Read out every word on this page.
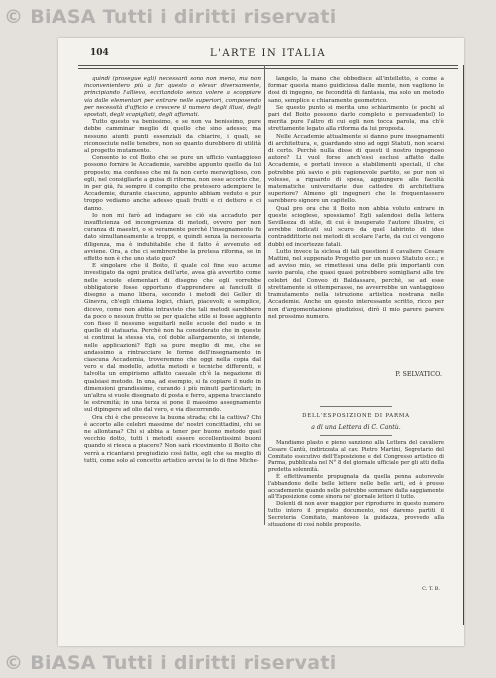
© BiASA Tutti i diritti riservati
104	L'ARTE IN ITALIA

quindi (prosegue egli) necessarii sono non meno, ma non inconvenientero più a far questo o elevar diversamente, principiando l'allievo, eccitandolo senza volere a scoppiare via dalle elementari per entrare nelle superiori, composendo per necessità d'ufficio e crescere il numero degli illusi, degli spostati, degli scapigliati, degli affamati.

Tutto questo va benissimo, e se non va benissimo, pure debbe camminar meglio di quello che sino adesso; ma nessuno aiunti punti essenziali da chiarire, i quali, se riconosciute nelle tenebre, non so quanto durebbero di utilità al progetto mutamento.

Consento io col Boito che se pure un ufficio vantaggioso possono fornire le Accademie, sarebbe appunto quello da lui proposto; ma confesso che mi fa non certo meraviglioso, con egli, nel consigliarle a guisa di riforma, non osse accorto che, in per già, fu sempre il compito che pretesero adempiere le Accademie, durante ciascuno, appunto abbiam veduto e pur troppo vediamo anche adesso quali frutti e ci dettero e ci danno.

Io non mi farò ad indagare se ciò sia accaduto per insufficienza od incongruenza di metodi, ovvero per non curanza di maestri, o si veramente perchè l'insegnamento fu dato simultaneamente a troppi, e quindi senza la necessaria diligenza, ma è indubitabile che il fatto è avvenuto ed avviene. Ora, a che ci sembrerebbe la pretesa riforma, se in effetto non è che uno stato quo?

E singolare che il Boito, il quale col fine suo acume investigato da ogni pratica dell'arte, avea già avvertito come nelle scuole elementari di disegno che egli vorrebbe obbligatorie fosse opportuno d'apprendere ai fanciulli il disegno a mano libera, secondo i metodi dei Geller di Ginevra, ch'egli chiama logici, chiari, piacevoli; e semplice, dicevo, come non abbia intravisto che tali metodi sarebbero da poco o nessun frutto se per qualche stile si fosse aggiunto con fisso il nessuno seguitarli nelle scuole del nudo e in quelle di statuaria. Perchè non ha considerato che in queste si continui la stessa via, col doble allargamento, si intende, nelle applicazioni? Egli sa pure meglio di me, che se andassimo a rintracciare le forme dell'insegnamento in ciascuna Accademia, troveremmo che oggi nella copia dal vero e dal modello, adotta metodi e tecniche differenti, e talvolta un empirismo affatto casuale ch'è la negazione di qualsiasi metodo. In una, ad esempio, si fa copiare il nudo in dimensioni grandissime, curando i più minuti particolari; in un'altra si vuole disegnato di posta e ferro, appena tracciando le estremità; in una terza si pone il massimo assegnamento sul dipingere ad olio dal vero, e via discorrendo.

Ora chi è che presceve la buona strada; chi la cattiva? Chi è accorto alle celebri massime de' nostri concittadini, chi se ne allontana? Chi si abbia a tener per buono metodo quel vecchio dotto, tutti i metodi essere eccellentissimi buoni quando si riesca a piacere? Non sarà ricevimento il Boito che verrà a ricantarsi pregiudizio così fatto, egli che sa meglio di tutti, come solo al concetto artistico avvisi le lo di fine Miche-

langelo, la mano che obbedisce all'intelletto, e come a formar questa mano guidiciosa dalle mente, non vagliono le dosi di ingegno, ne fecondità di fantasia, ma solo un metodo sano, semplice e chiaramente geometrico.

Se questo punto si merita uno schiarimento (e pochi al pari del Boito possono darlo completo e persuadentel) lo merita pure l'altro di cui egli non tocca parola, ma ch'è strettamente legato alla riforma da lui proposta.

Nelle Accademie attualmente si danno pure insegnamenti di architettura, e, guardando sino ad oggi Statuti, non scarsi di certo. Perchè nulla disse di questi il nostro ingegnoso autore? Li vuol forse anch'essi esclusi affatto dalle Accademie, e portati invece a stabilimenti speciali, il che potrebbe più savio e più ragionevole partito, se pur non si volesse, a riguardo di spesa, aggiungere alle facoltà matematiche universitarie due cattedre di architettura superiore? Almeno gli ingegneri che le frequentassero sarebbero signore un capitello.

Qual pro ora che il Boito non abbia voluto entrare in queste scioglese, spossiamo! Egli salendosi della lettera Sevilleeza di stile, di cui è insuperato l'autore illustre, ci avrebbe indicati sul scuro da quel labirinto di idee contraddittorie nei metodi di scolare l'arte, da cui ci vengono dubbi ed incertezze fatali.

Lutto invece la siclesa di tali questioni il cavaliere Cesare Mattini, nel suppenato Progetto per un nuovo Statuto ecc.; e ad avviso mio, se rimettessi una delle più importanti con savio parola, che quasi quasi potrebbero somigliarsi alle tre celebri del Conveo di Baldassare, perchè, se ad esse strettamente si ottemperasse, ne avverrebbe un vantaggioso tramutamento nella istruzione artistica nostrana nelle Accademie. Anche un questo interessante scritto, ricco per non d'argomentazione giudiziosi, dirò il mio parere parere nel prossimo numero.

P. SELVATICO.
DELL'ESPOSIZIONE DI PARMA
a di una Lettera di C. Cantù.

Mandiamo plasto e pieno sanziono alla Lettera del cavaliere Cesare Cantù, indirizzata al cav. Pietro Martini, Segretario del Comitato esecutivo dell'Esposizione e del Congresso artistico di Parma, pubblicata nel N° 8 del giornale ufficiale per gli atti della predetta solennità.

È effettivamente propugnata da quella penna autorevole l'abbandono delle belle lettere nelle belle arti, ed è presso accademente quando nelle potrebbe sommare dalla saggiamente all'Esposizione come sinora ne' giornale lettori il tutto.

Dolenti di non aver maggior per riprodurre in questo numero tutto intero il pregiato documento, noi daremo partiti il Secreteria Comitato, mantoveo la guidazza, provvedo alla situazione di così nobile proposito.

C. T. B.
© BiASA Tutti i diritti riservati
